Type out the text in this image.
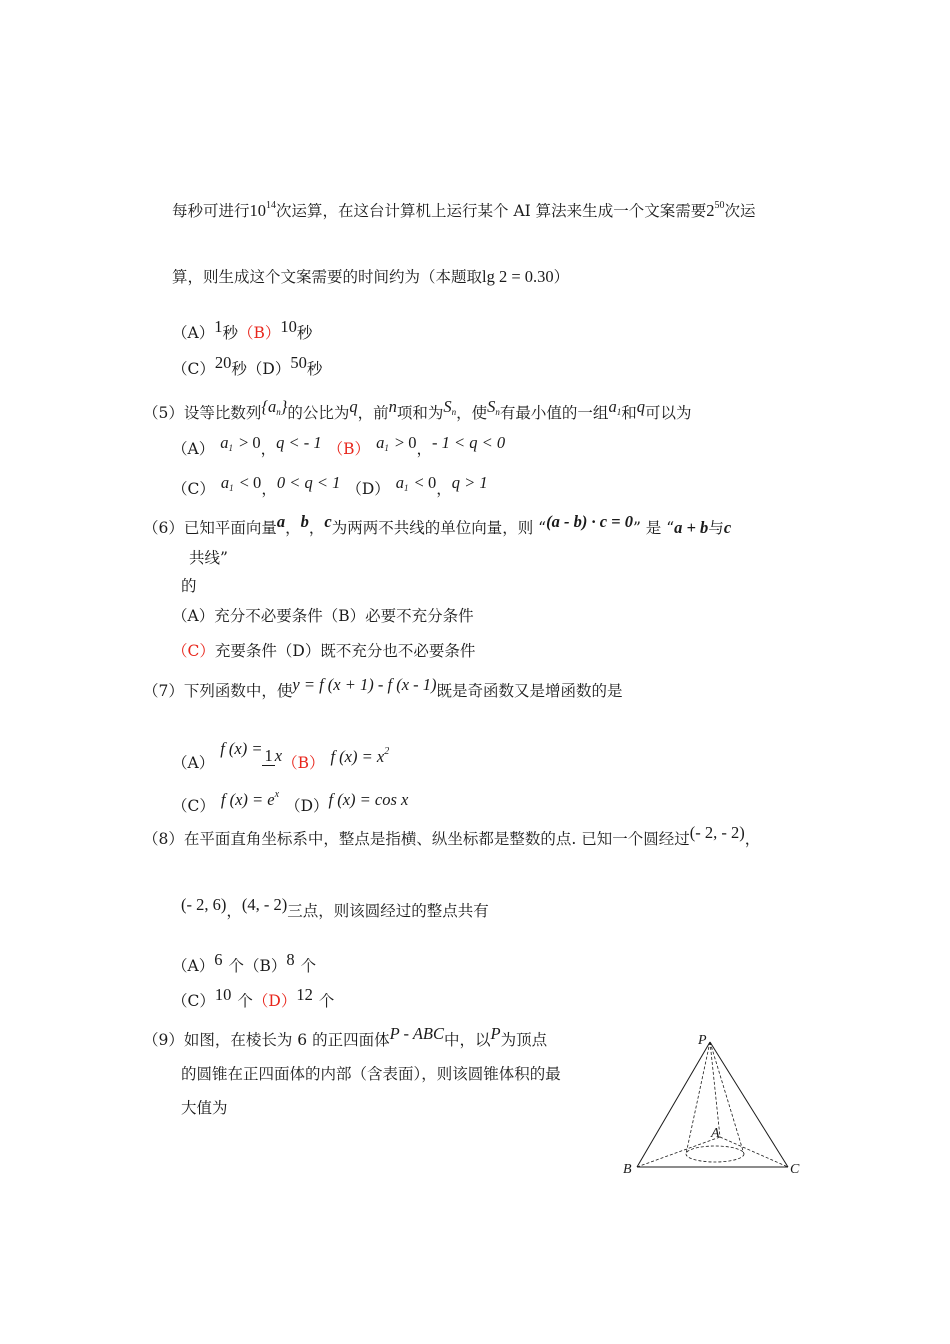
每秒可进行1014次运算，在这台计算机上运行某个 AI 算法来生成一个文案需要250次运
算，则生成这个文案需要的时间约为（本题取lg 2 = 0.30）
（A）1秒（B）10秒
（C）20秒（D）50秒
（5）设等比数列{an}的公比为q，前n项和为Sn，使Sn有最小值的一组a1和q可以为
（A） a1 > 0，q < - 1 （B） a1 > 0，- 1 < q < 0
（C） a1 < 0，0 < q < 1 （D） a1 < 0，q > 1
（6）已知平面向量a，b，c为两两不共线的单位向量，则 “(a - b) · c = 0” 是 “a + b与c
共线”
的
（A）充分不必要条件（B）必要不充分条件
（C）充要条件（D）既不充分也不必要条件
（7）下列函数中，使y = f (x + 1) - f (x - 1)既是奇函数又是增函数的是
（A）f (x) = 1 x（B） f (x) = x2
（C） f (x) = ex（D）f (x) = cos x
（8）在平面直角坐标系中，整点是指横、纵坐标都是整数的点. 已知一个圆经过(- 2, - 2)，
(- 2, 6)，(4, - 2)三点，则该圆经过的整点共有
（A）6 个（B）8 个
（C）10 个（D）12 个
（9）如图，在棱长为 6 的正四面体P - ABC中，以P为顶点
的圆锥在正四面体的内部（含表面），则该圆锥体积的最
大值为
P
A
B	C
